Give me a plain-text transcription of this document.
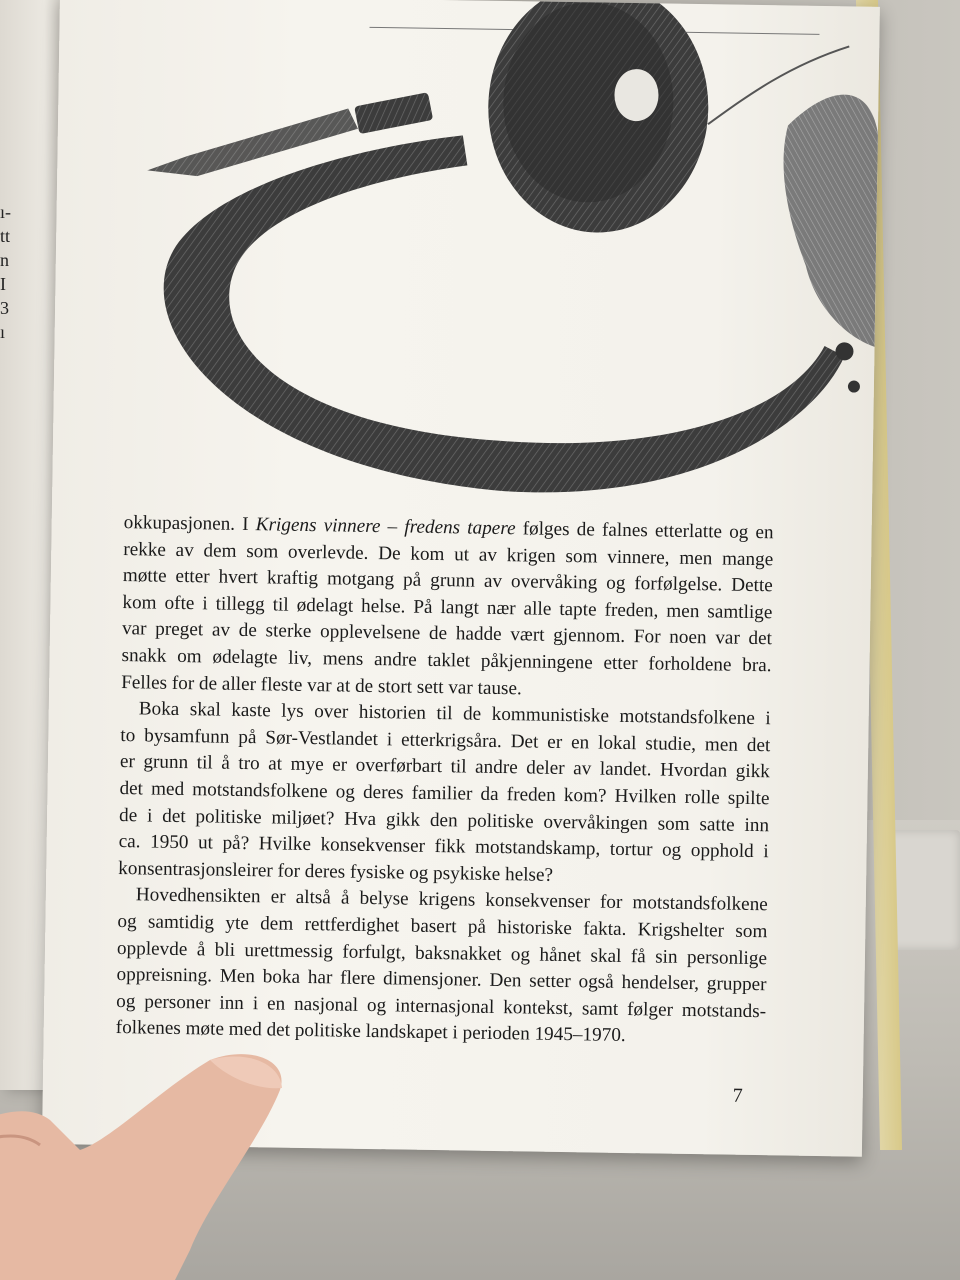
ı-
tt
n
I
3
ı
okkupasjonen. I Krigens vinnere – fredens tapere følges de falnes etterlatte og en
rekke av dem som overlevde. De kom ut av krigen som vinnere, men mange
møtte etter hvert kraftig motgang på grunn av overvåking og forfølgelse. Dette
kom ofte i tillegg til ødelagt helse. På langt nær alle tapte freden, men samtlige
var preget av de sterke opplevelsene de hadde vært gjennom. For noen var det
snakk om ødelagte liv, mens andre taklet påkjenningene etter forholdene bra.
Felles for de aller fleste var at de stort sett var tause.
Boka skal kaste lys over historien til de kommunistiske motstandsfolkene i
to bysamfunn på Sør-Vestlandet i etterkrigsåra. Det er en lokal studie, men det
er grunn til å tro at mye er overførbart til andre deler av landet. Hvordan gikk
det med motstandsfolkene og deres familier da freden kom? Hvilken rolle spilte
de i det politiske miljøet? Hva gikk den politiske overvåkingen som satte inn
ca. 1950 ut på? Hvilke konsekvenser fikk motstandskamp, tortur og opphold i
konsentrasjonsleirer for deres fysiske og psykiske helse?
Hovedhensikten er altså å belyse krigens konsekvenser for motstandsfolkene
og samtidig yte dem rettferdighet basert på historiske fakta. Krigshelter som
opplevde å bli urettmessig forfulgt, baksnakket og hånet skal få sin personlige
oppreisning. Men boka har flere dimensjoner. Den setter også hendelser, grupper
og personer inn i en nasjonal og internasjonal kontekst, samt følger motstands-
folkenes møte med det politiske landskapet i perioden 1945–1970.
7
